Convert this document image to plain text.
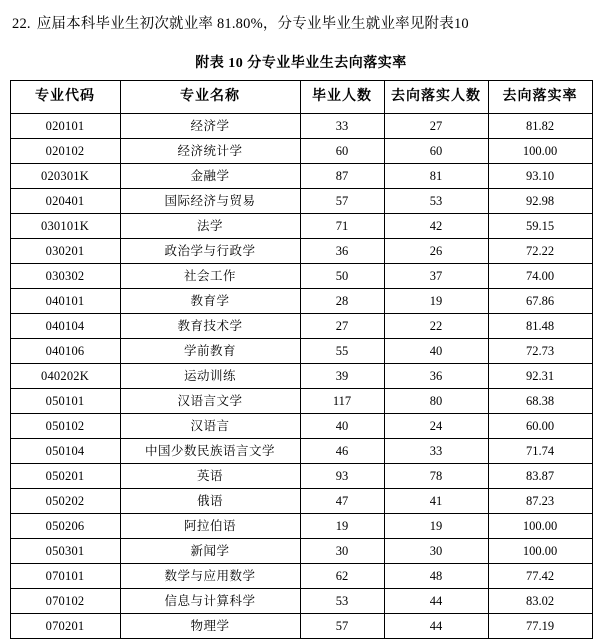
22. 应届本科毕业生初次就业率 81.80%，分专业毕业生就业率见附表10
附表 10 分专业毕业生去向落实率
专业代码	专业名称	毕业人数	去向落实人数	去向落实率
020101	经济学	33	27	81.82
020102	经济统计学	60	60	100.00
020301K	金融学	87	81	93.10
020401	国际经济与贸易	57	53	92.98
030101K	法学	71	42	59.15
030201	政治学与行政学	36	26	72.22
030302	社会工作	50	37	74.00
040101	教育学	28	19	67.86
040104	教育技术学	27	22	81.48
040106	学前教育	55	40	72.73
040202K	运动训练	39	36	92.31
050101	汉语言文学	117	80	68.38
050102	汉语言	40	24	60.00
050104	中国少数民族语言文学	46	33	71.74
050201	英语	93	78	83.87
050202	俄语	47	41	87.23
050206	阿拉伯语	19	19	100.00
050301	新闻学	30	30	100.00
070101	数学与应用数学	62	48	77.42
070102	信息与计算科学	53	44	83.02
070201	物理学	57	44	77.19
